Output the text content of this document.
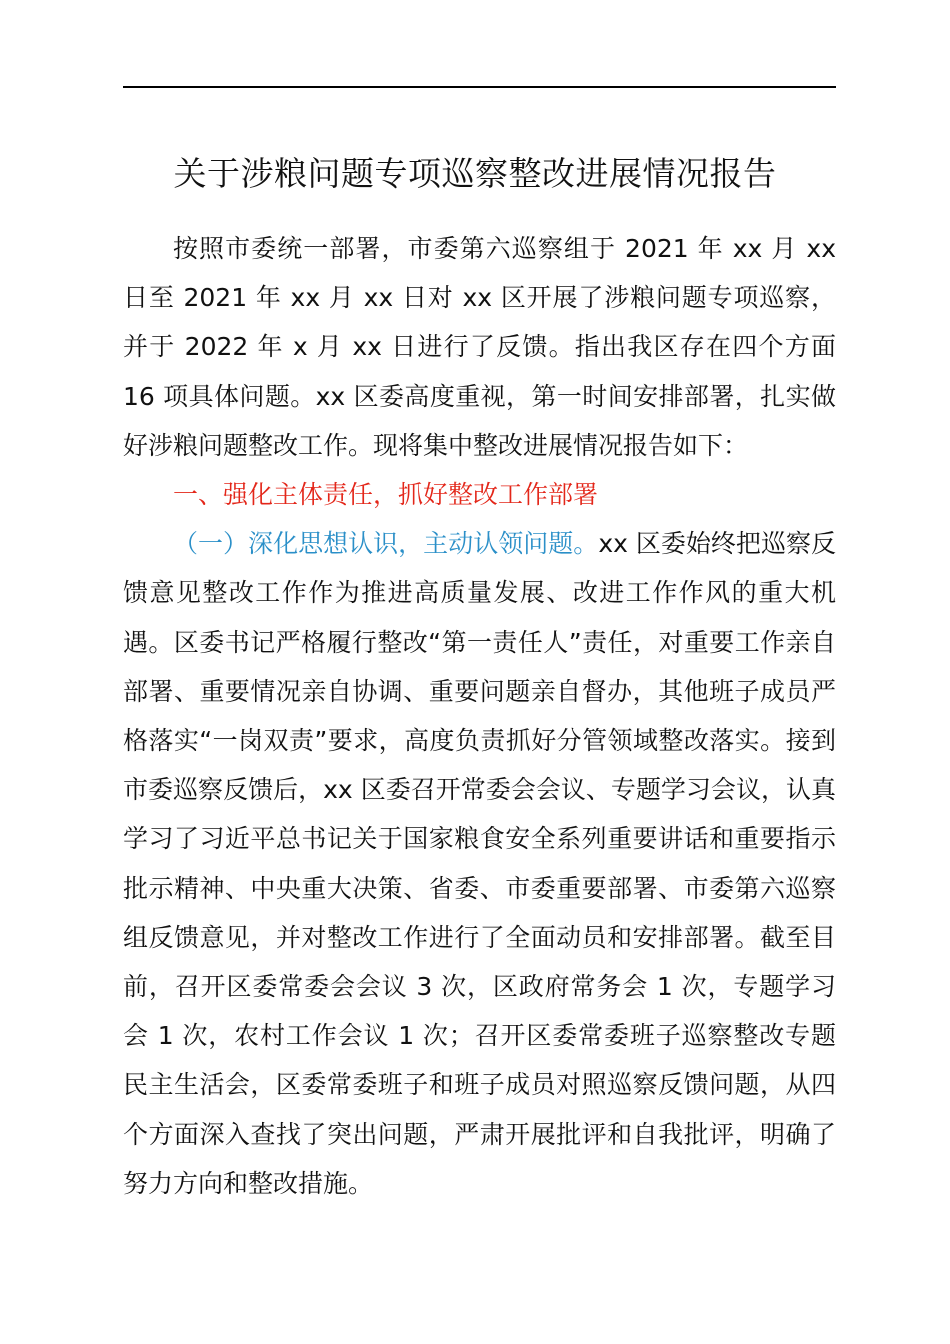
关于涉粮问题专项巡察整改进展情况报告

按照市委统一部署，市委第六巡察组于 2021 年 xx 月 xx 日至 2021 年 xx 月 xx 日对 xx 区开展了涉粮问题专项巡察，并于 2022 年 x 月 xx 日进行了反馈。指出我区存在四个方面 16 项具体问题。xx 区委高度重视，第一时间安排部署，扎实做好涉粮问题整改工作。现将集中整改进展情况报告如下：

一、强化主体责任，抓好整改工作部署

（一）深化思想认识，主动认领问题。xx 区委始终把巡察反馈意见整改工作作为推进高质量发展、改进工作作风的重大机遇。区委书记严格履行整改“第一责任人”责任，对重要工作亲自部署、重要情况亲自协调、重要问题亲自督办，其他班子成员严格落实“一岗双责”要求，高度负责抓好分管领域整改落实。接到市委巡察反馈后，xx 区委召开常委会会议、专题学习会议，认真学习了习近平总书记关于国家粮食安全系列重要讲话和重要指示批示精神、中央重大决策、省委、市委重要部署、市委第六巡察组反馈意见，并对整改工作进行了全面动员和安排部署。截至目前，召开区委常委会会议 3 次，区政府常务会 1 次，专题学习会 1 次，农村工作会议 1 次；召开区委常委班子巡察整改专题民主生活会，区委常委班子和班子成员对照巡察反馈问题，从四个方面深入查找了突出问题，严肃开展批评和自我批评，明确了努力方向和整改措施。
